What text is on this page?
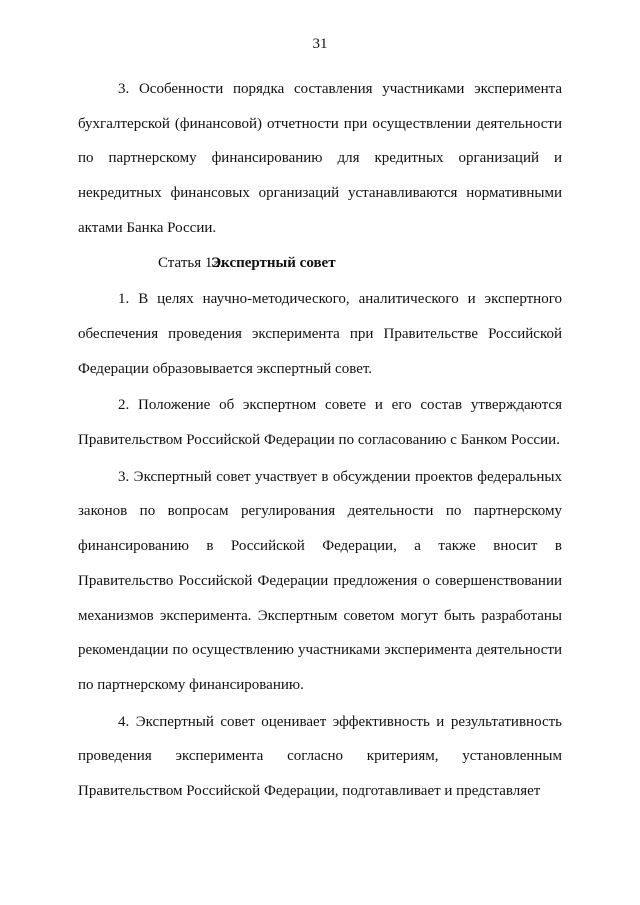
31

3. Особенности порядка составления участниками эксперимента бухгалтерской (финансовой) отчетности при осуществлении деятельности по партнерскому финансированию для кредитных организаций и некредитных финансовых организаций устанавливаются нормативными актами Банка России.

Статья 12.Экспертный совет

1. В целях научно-методического, аналитического и экспертного обеспечения проведения эксперимента при Правительстве Российской Федерации образовывается экспертный совет.

2. Положение об экспертном совете и его состав утверждаются Правительством Российской Федерации по согласованию с Банком России.

3. Экспертный совет участвует в обсуждении проектов федеральных законов по вопросам регулирования деятельности по партнерскому финансированию в Российской Федерации, а также вносит в Правительство Российской Федерации предложения о совершенствовании механизмов эксперимента. Экспертным советом могут быть разработаны рекомендации по осуществлению участниками эксперимента деятельности по партнерскому финансированию.

4. Экспертный совет оценивает эффективность и результативность проведения эксперимента согласно критериям, установленным Правительством Российской Федерации, подготавливает и представляет
